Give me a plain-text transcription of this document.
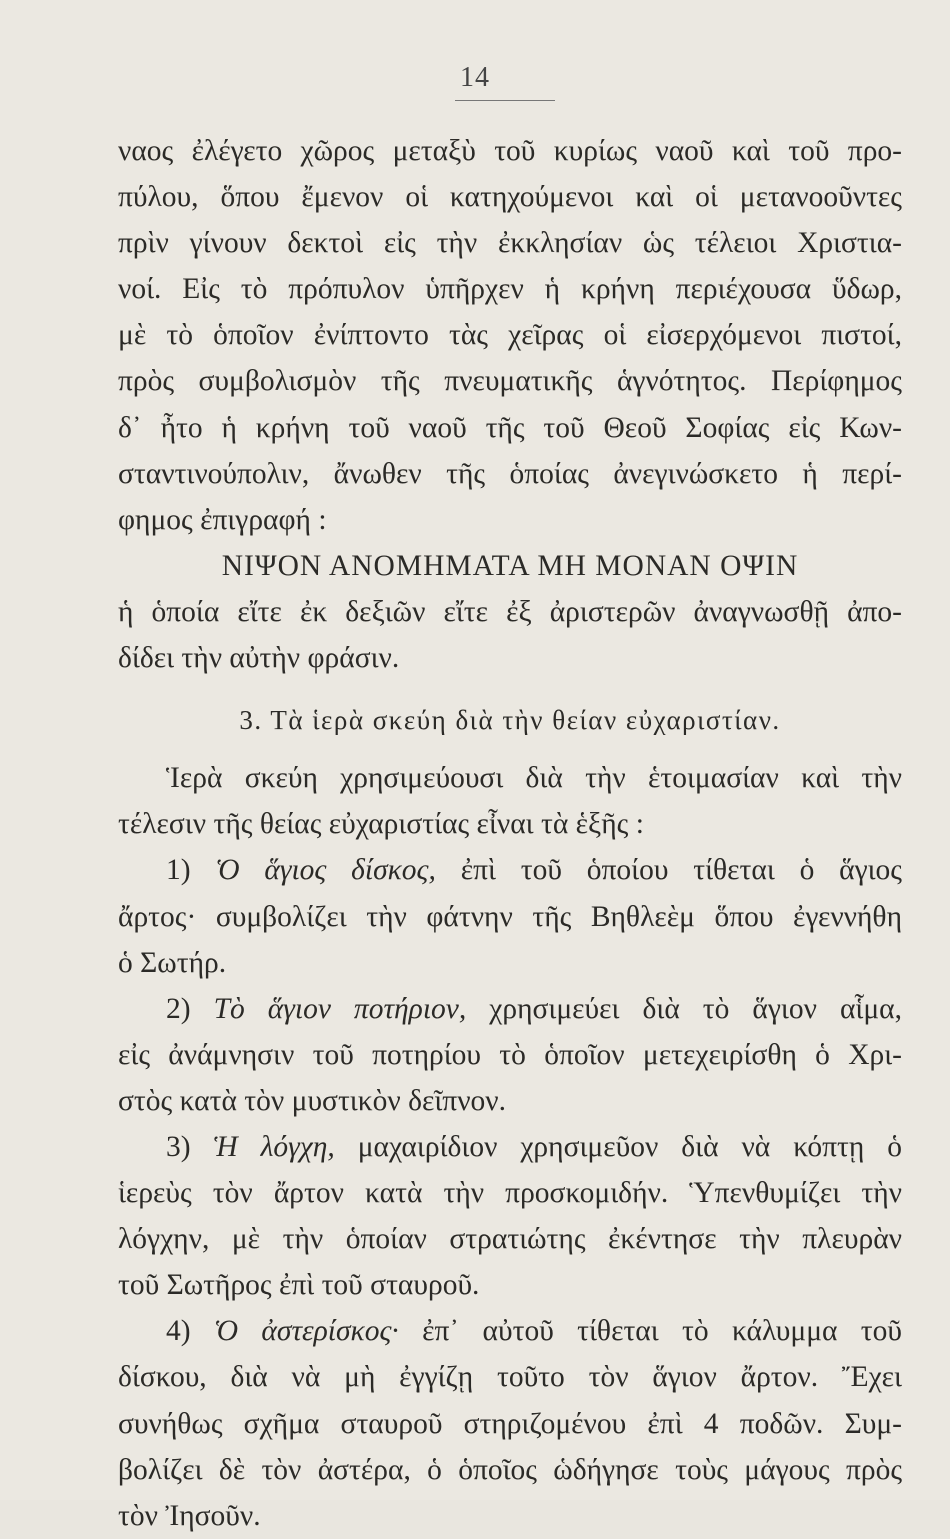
14
ναος ἐλέγετο χῶρος μεταξὺ τοῦ κυρίως ναοῦ καὶ τοῦ προ-
πύλου, ὅπου ἔμενον οἱ κατηχούμενοι καὶ οἱ μετανοοῦντες
πρὶν γίνουν δεκτοὶ εἰς τὴν ἐκκλησίαν ὡς τέλειοι Χριστια-
νοί. Εἰς τὸ πρόπυλον ὑπῆρχεν ἡ κρήνη περιέχουσα ὕδωρ,
μὲ τὸ ὁποῖον ἐνίπτοντο τὰς χεῖρας οἱ εἰσερχόμενοι πιστοί,
πρὸς συμβολισμὸν τῆς πνευματικῆς ἁγνότητος. Περίφημος
δ᾽ ἦτο ἡ κρήνη τοῦ ναοῦ τῆς τοῦ Θεοῦ Σοφίας εἰς Κων-
σταντινούπολιν, ἄνωθεν τῆς ὁποίας ἀνεγινώσκετο ἡ περί-
φημος ἐπιγραφή :
ΝΙΨΟΝ ΑΝΟΜΗΜΑΤΑ ΜΗ ΜΟΝΑΝ ΟΨΙΝ
ἡ ὁποία εἴτε ἐκ δεξιῶν εἴτε ἐξ ἀριστερῶν ἀναγνωσθῇ ἀπο-
δίδει τὴν αὐτὴν φράσιν.
3. Τὰ ἱερὰ σκεύη διὰ τὴν θείαν εὐχαριστίαν.
Ἱερὰ σκεύη χρησιμεύουσι διὰ τὴν ἑτοιμασίαν καὶ τὴν
τέλεσιν τῆς θείας εὐχαριστίας εἶναι τὰ ἑξῆς :
1) Ὁ ἅγιος δίσκος, ἐπὶ τοῦ ὁποίου τίθεται ὁ ἅγιος
ἄρτος· συμβολίζει τὴν φάτνην τῆς Βηθλεὲμ ὅπου ἐγεννήθη
ὁ Σωτήρ.
2) Τὸ ἅγιον ποτήριον, χρησιμεύει διὰ τὸ ἅγιον αἷμα,
εἰς ἀνάμνησιν τοῦ ποτηρίου τὸ ὁποῖον μετεχειρίσθη ὁ Χρι-
στὸς κατὰ τὸν μυστικὸν δεῖπνον.
3) Ἡ λόγχη, μαχαιρίδιον χρησιμεῦον διὰ νὰ κόπτῃ ὁ
ἱερεὺς τὸν ἄρτον κατὰ τὴν προσκομιδήν. Ὑπενθυμίζει τὴν
λόγχην, μὲ τὴν ὁποίαν στρατιώτης ἐκέντησε τὴν πλευρὰν
τοῦ Σωτῆρος ἐπὶ τοῦ σταυροῦ.
4) Ὁ ἀστερίσκος· ἐπ᾽ αὐτοῦ τίθεται τὸ κάλυμμα τοῦ
δίσκου, διὰ νὰ μὴ ἐγγίζῃ τοῦτο τὸν ἅγιον ἄρτον. Ἔχει
συνήθως σχῆμα σταυροῦ στηριζομένου ἐπὶ 4 ποδῶν. Συμ-
βολίζει δὲ τὸν ἀστέρα, ὁ ὁποῖος ὡδήγησε τοὺς μάγους πρὸς
τὸν Ἰησοῦν.
